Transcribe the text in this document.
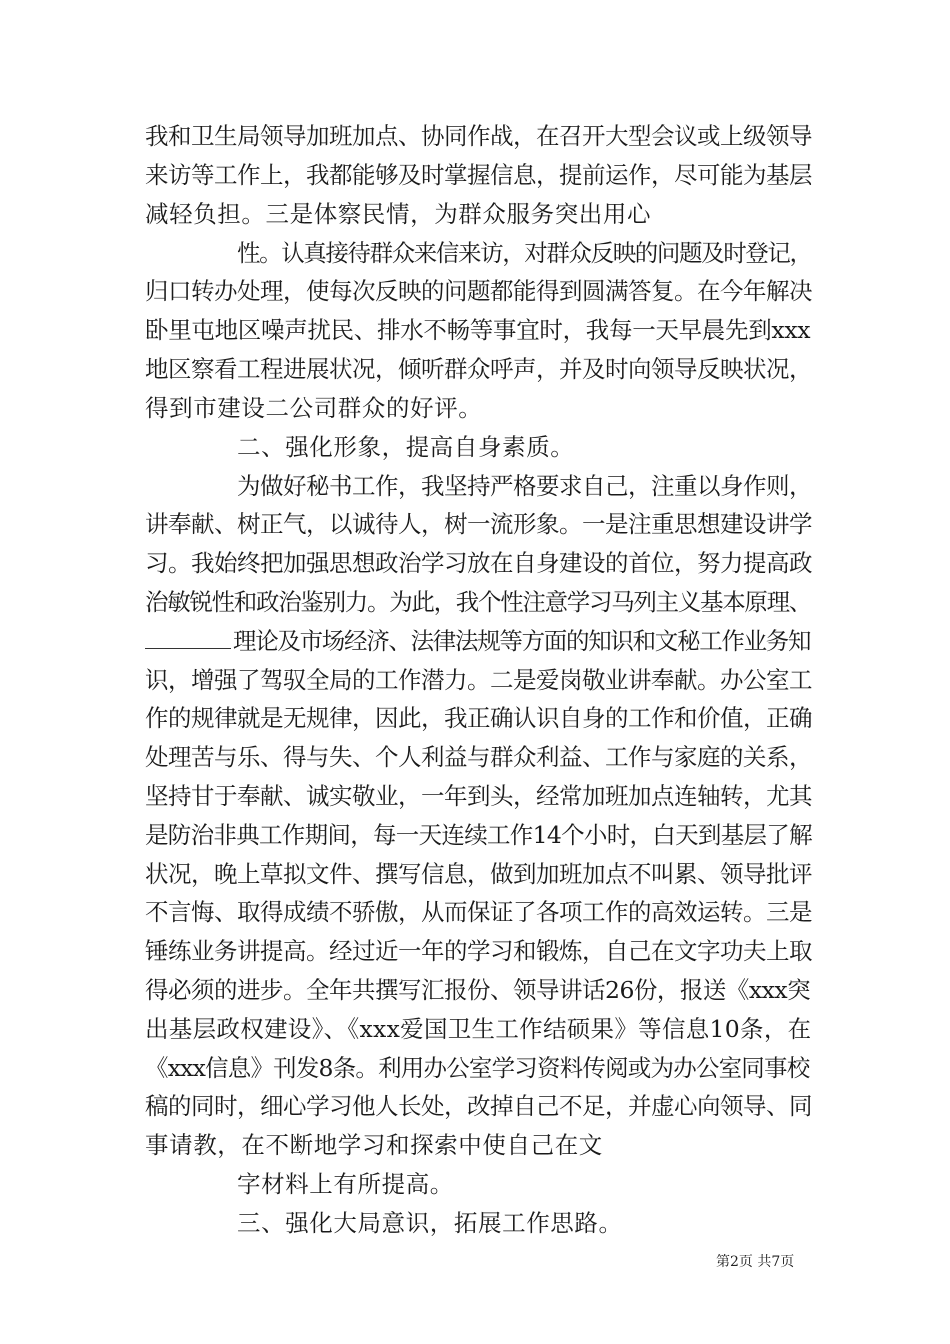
我和卫生局领导加班加点、协同作战，在召开大型会议或上级领导
来访等工作上，我都能够及时掌握信息，提前运作，尽可能为基层
减轻负担。三是体察民情，为群众服务突出用心
性。认真接待群众来信来访，对群众反映的问题及时登记，
归口转办处理，使每次反映的问题都能得到圆满答复。在今年解决
卧里屯地区噪声扰民、排水不畅等事宜时，我每一天早晨先到xxx
地区察看工程进展状况，倾听群众呼声，并及时向领导反映状况，
得到市建设二公司群众的好评。
二、强化形象，提高自身素质。
为做好秘书工作，我坚持严格要求自己，注重以身作则，
讲奉献、树正气，以诚待人，树一流形象。一是注重思想建设讲学
习。我始终把加强思想政治学习放在自身建设的首位，努力提高政
治敏锐性和政治鉴别力。为此，我个性注意学习马列主义基本原理、
理论及市场经济、法律法规等方面的知识和文秘工作业务知
识，增强了驾驭全局的工作潜力。二是爱岗敬业讲奉献。办公室工
作的规律就是无规律，因此，我正确认识自身的工作和价值，正确
处理苦与乐、得与失、个人利益与群众利益、工作与家庭的关系，
坚持甘于奉献、诚实敬业，一年到头，经常加班加点连轴转，尤其
是防治非典工作期间，每一天连续工作14个小时，白天到基层了解
状况，晚上草拟文件、撰写信息，做到加班加点不叫累、领导批评
不言悔、取得成绩不骄傲，从而保证了各项工作的高效运转。三是
锤练业务讲提高。经过近一年的学习和锻炼，自己在文字功夫上取
得必须的进步。全年共撰写汇报份、领导讲话26份，报送《xxx突
出基层政权建设》、《xxx爱国卫生工作结硕果》等信息10条，在
《xxx信息》刊发8条。利用办公室学习资料传阅或为办公室同事校
稿的同时，细心学习他人长处，改掉自己不足，并虚心向领导、同
事请教，在不断地学习和探索中使自己在文
字材料上有所提高。
三、强化大局意识，拓展工作思路。
第2页 共7页
